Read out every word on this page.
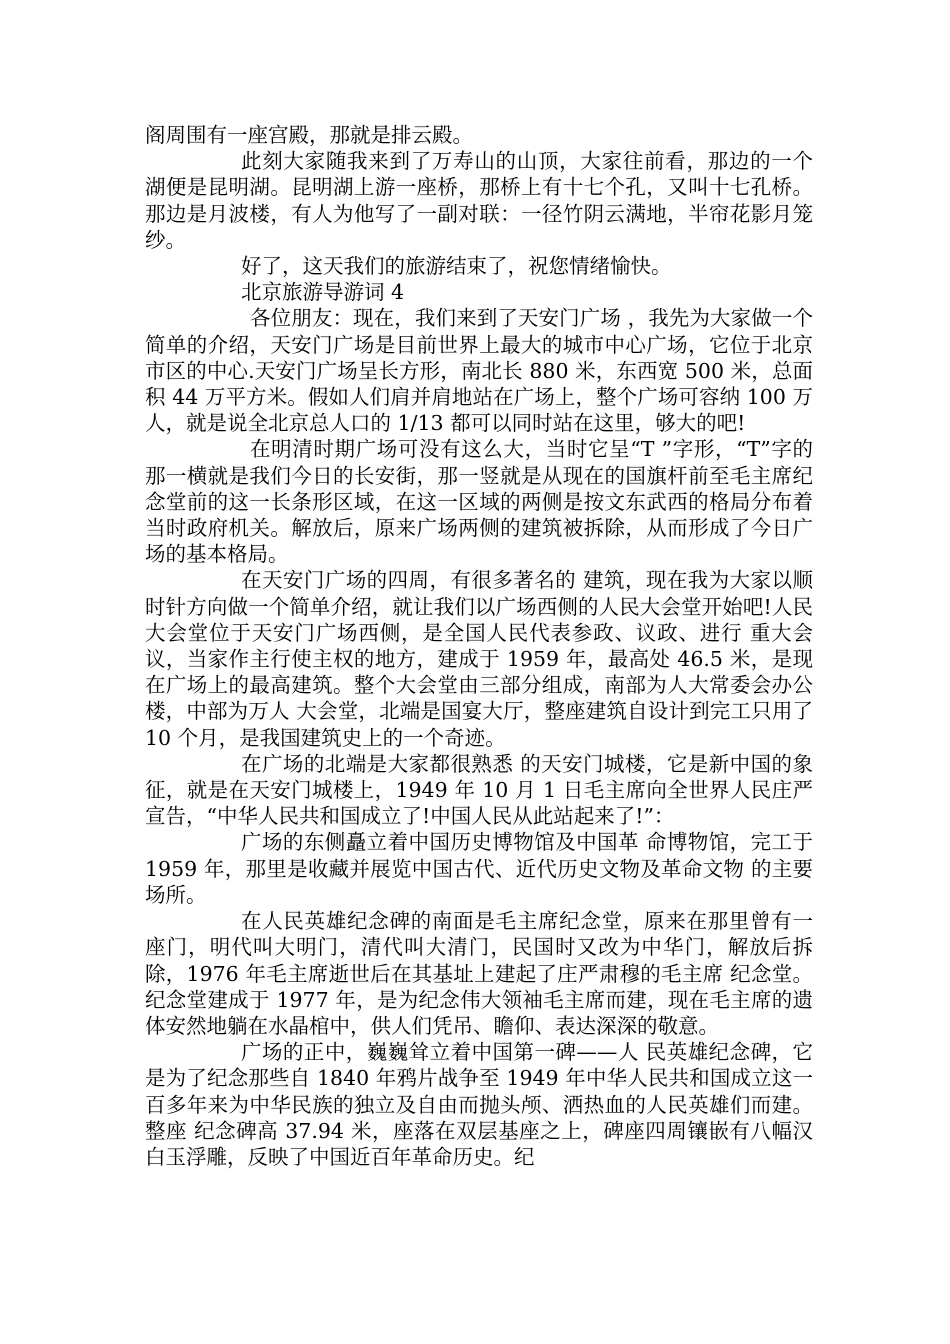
阁周围有一座宫殿，那就是排云殿。

此刻大家随我来到了万寿山的山顶，大家往前看，那边的一个湖便是昆明湖。昆明湖上游一座桥，那桥上有十七个孔，又叫十七孔桥。那边是月波楼，有人为他写了一副对联：一径竹阴云满地，半帘花影月笼纱。

好了，这天我们的旅游结束了，祝您情绪愉快。

北京旅游导游词 4

各位朋友：现在，我们来到了天安门广场 ，我先为大家做一个简单的介绍，天安门广场是目前世界上最大的城市中心广场，它位于北京市区的中心.天安门广场呈长方形，南北长 880 米，东西宽 500 米，总面积 44 万平方米。假如人们肩并肩地站在广场上，整个广场可容纳 100 万人，就是说全北京总人口的 1/13 都可以同时站在这里，够大的吧!

在明清时期广场可没有这么大，当时它呈“T ”字形，“T”字的那一横就是我们今日的长安街，那一竖就是从现在的国旗杆前至毛主席纪念堂前的这一长条形区域，在这一区域的两侧是按文东武西的格局分布着 当时政府机关。解放后，原来广场两侧的建筑被拆除，从而形成了今日广场的基本格局。

在天安门广场的四周，有很多著名的 建筑，现在我为大家以顺时针方向做一个简单介绍，就让我们以广场西侧的人民大会堂开始吧!人民大会堂位于天安门广场西侧，是全国人民代表参政、议政、进行 重大会议，当家作主行使主权的地方，建成于 1959 年，最高处 46.5 米，是现在广场上的最高建筑。整个大会堂由三部分组成，南部为人大常委会办公楼，中部为万人 大会堂，北端是国宴大厅，整座建筑自设计到完工只用了 10 个月，是我国建筑史上的一个奇迹。

在广场的北端是大家都很熟悉 的天安门城楼，它是新中国的象征，就是在天安门城楼上，1949 年 10 月 1 日毛主席向全世界人民庄严宣告，“中华人民共和国成立了!中国人民从此站起来了!”：

广场的东侧矗立着中国历史博物馆及中国革 命博物馆，完工于 1959 年，那里是收藏并展览中国古代、近代历史文物及革命文物 的主要场所。

在人民英雄纪念碑的南面是毛主席纪念堂，原来在那里曾有一座门，明代叫大明门，清代叫大清门，民国时又改为中华门，解放后拆除，1976 年毛主席逝世后在其基址上建起了庄严肃穆的毛主席 纪念堂。纪念堂建成于 1977 年，是为纪念伟大领袖毛主席而建，现在毛主席的遗体安然地躺在水晶棺中，供人们凭吊、瞻仰、表达深深的敬意。

广场的正中，巍巍耸立着中国第一碑——人 民英雄纪念碑，它是为了纪念那些自 1840 年鸦片战争至 1949 年中华人民共和国成立这一百多年来为中华民族的独立及自由而抛头颅、洒热血的人民英雄们而建。整座 纪念碑高 37.94 米，座落在双层基座之上，碑座四周镶嵌有八幅汉白玉浮雕，反映了中国近百年革命历史。纪
